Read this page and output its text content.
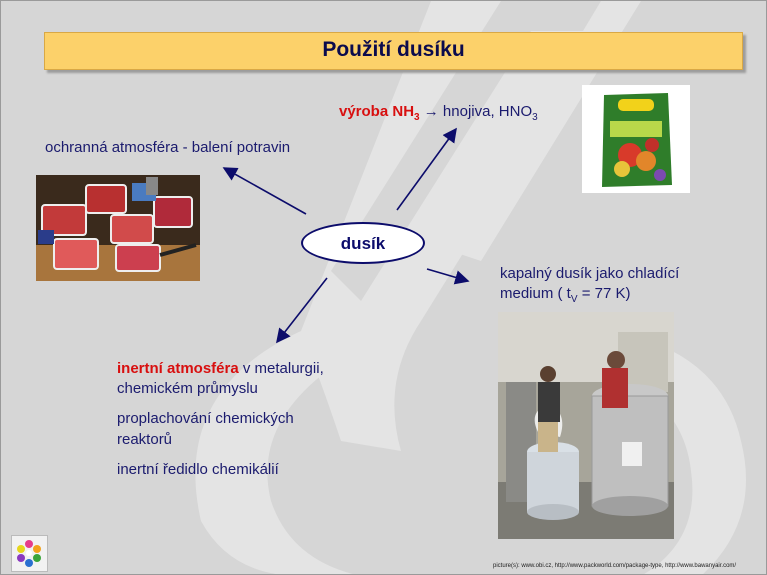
Použití dusíku
dusík
výroba $NH_3$ → hnojiva, $HNO_3$
ochranná atmosféra - balení potravin
kapalný dusík jako chladící
medium ( $t_V = 77$ K)
inertní atmosféra v metalurgii,
chemickém průmyslu
proplachování chemických
reaktorů
inertní ředidlo chemikálií
picture(s): www.obi.cz, http://www.packworld.com/package-type, http://www.bawanyair.com/
